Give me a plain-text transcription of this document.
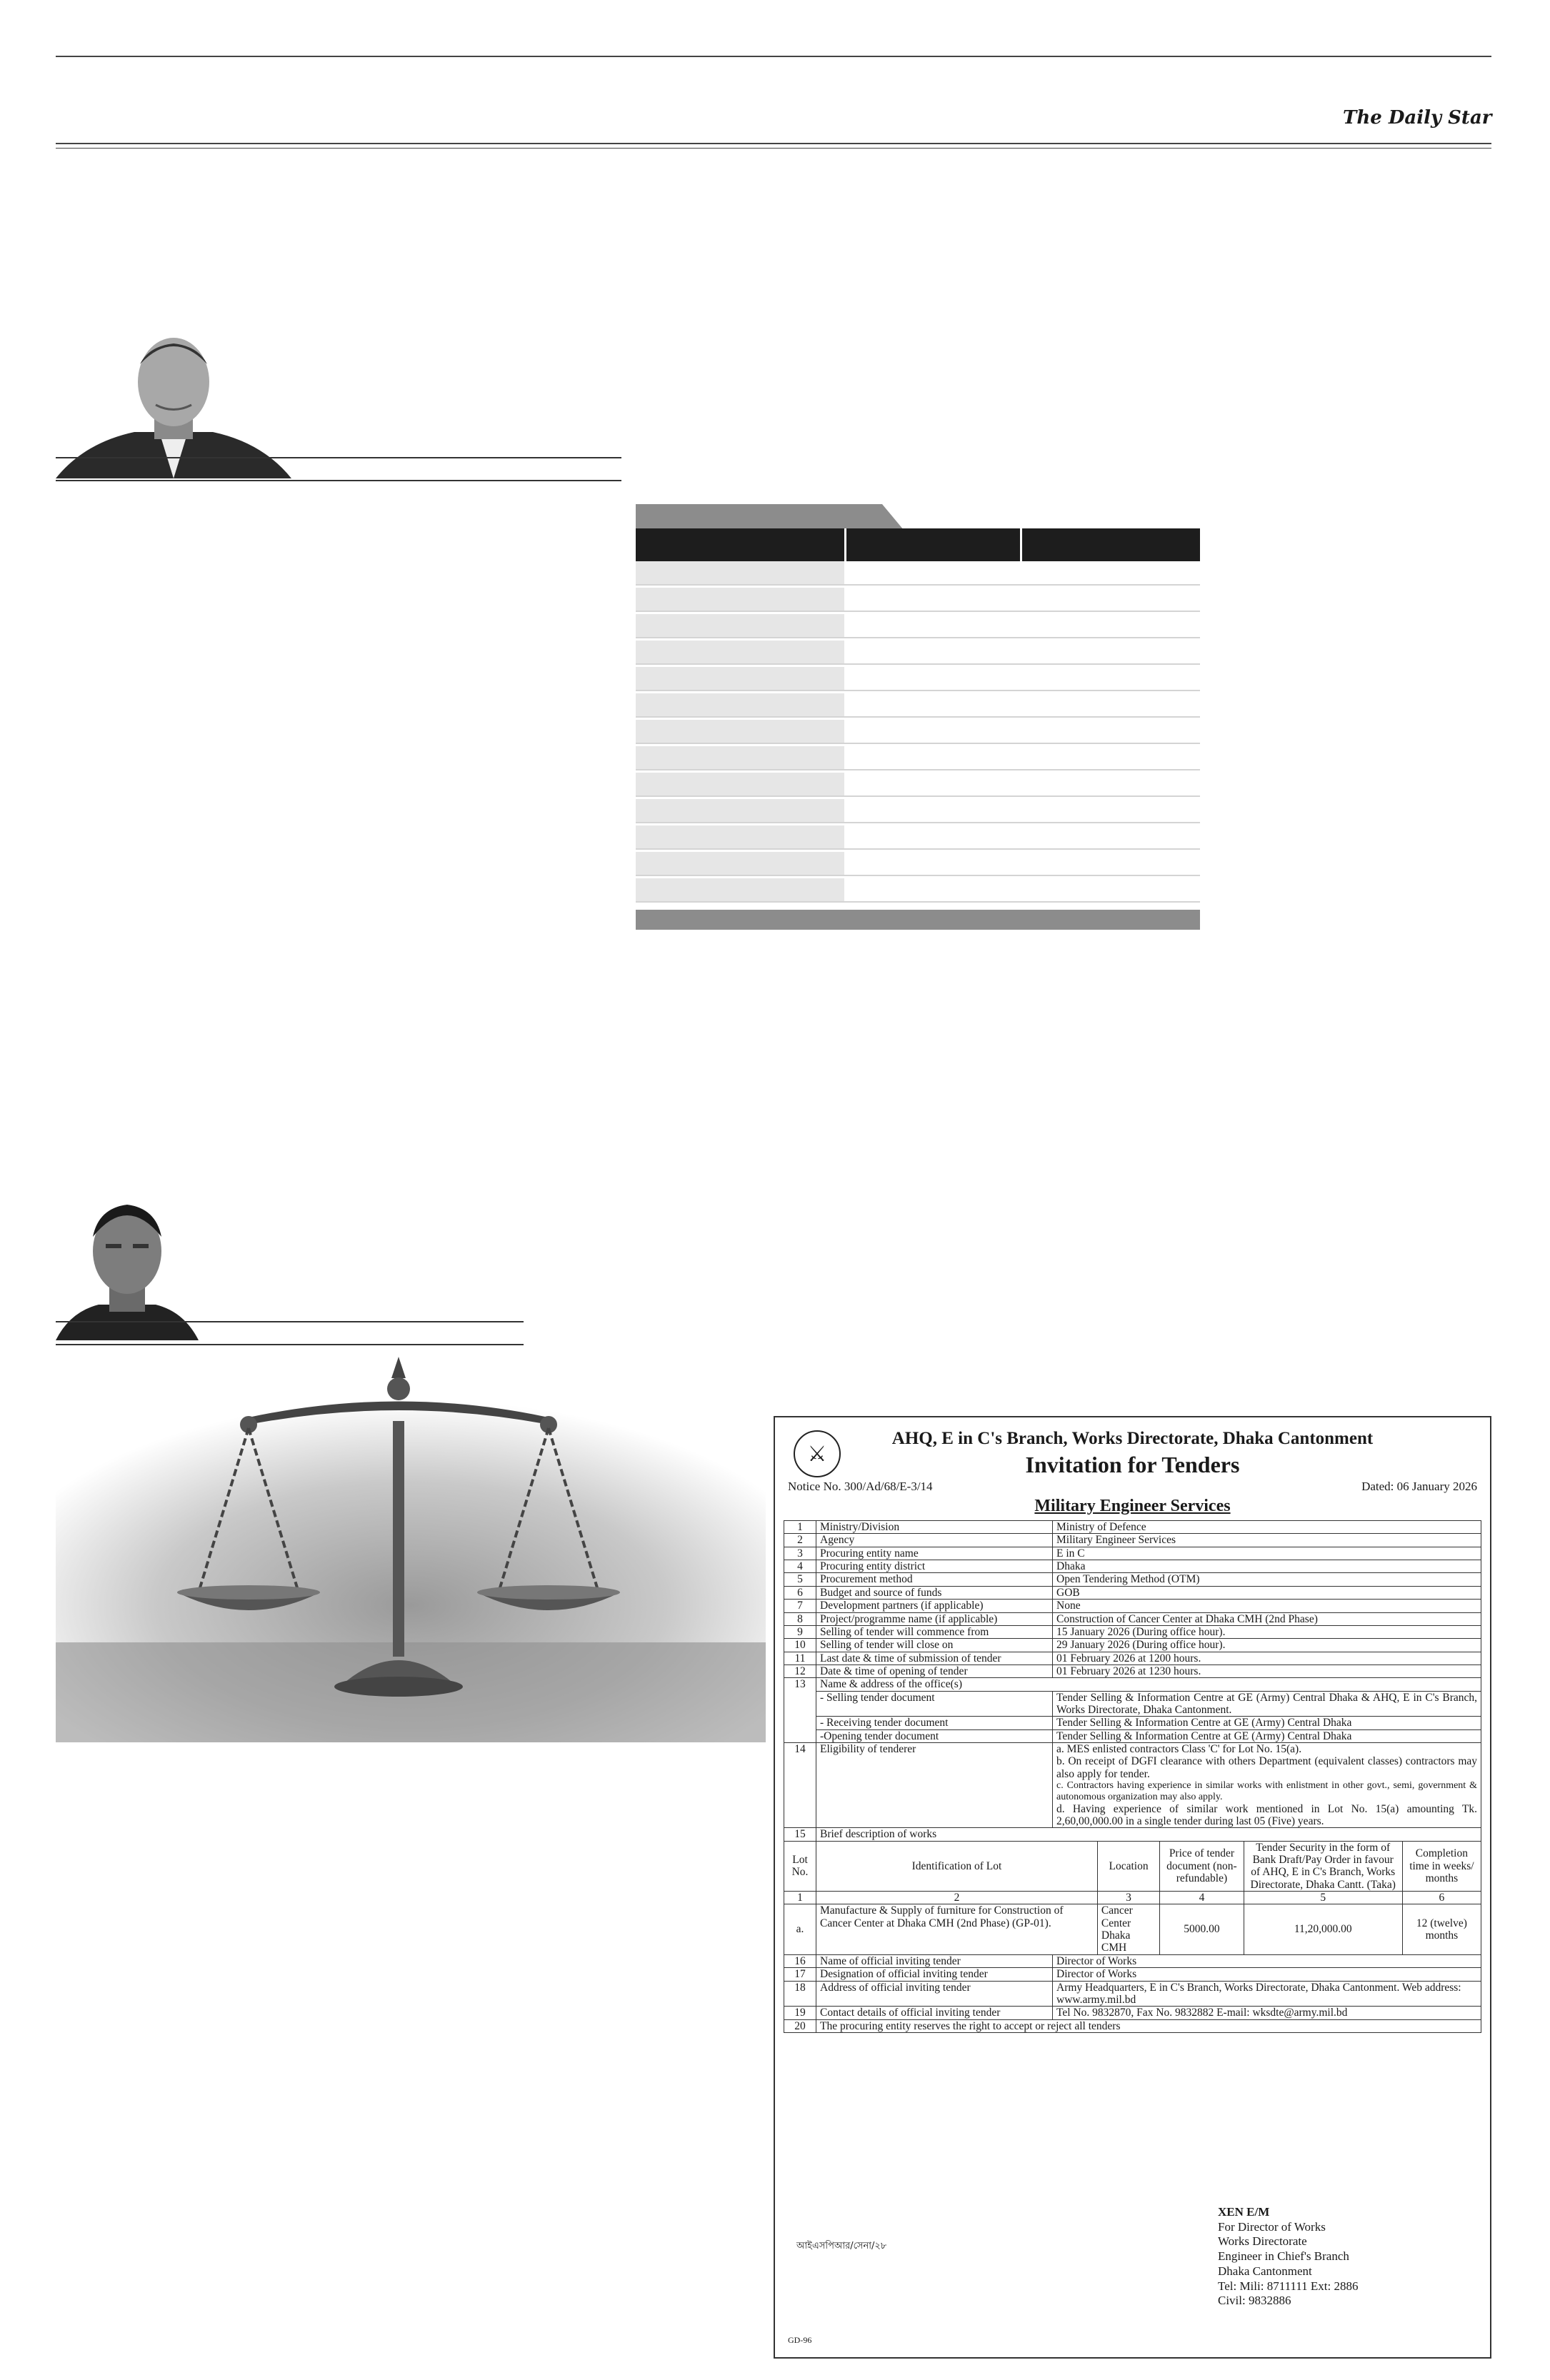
The Daily Star
⚔
AHQ, E in C's Branch, Works Directorate, Dhaka Cantonment
Invitation for Tenders
Notice No. 300/Ad/68/E-3/14	Dated: 06 January 2026
Military Engineer Services
1	Ministry/Division	Ministry of Defence				
2	Agency	Military Engineer Services				
3	Procuring entity name	E in C				
4	Procuring entity district	Dhaka				
5	Procurement method	Open Tendering Method (OTM)				
6	Budget and source of funds	GOB				
7	Development partners (if applicable)	None				
8	Project/programme name (if applicable)	Construction of Cancer Center at Dhaka CMH (2nd Phase)				
9	Selling of tender will commence from	15 January 2026 (During office hour).				
10	Selling of tender will close on	29 January 2026 (During office hour).				
11	Last date & time of submission of tender	01 February 2026 at 1200 hours.				
12	Date & time of opening of tender	01 February 2026 at 1230 hours.				
13	Name & address of the office(s)					
	- Selling tender document	Tender Selling & Information Centre at GE (Army) Central Dhaka & AHQ, E in C's Branch, Works Directorate, Dhaka Cantonment.				
	- Receiving tender document	Tender Selling & Information Centre at GE (Army) Central Dhaka				
	-Opening tender document	Tender Selling & Information Centre at GE (Army) Central Dhaka				
14	Eligibility of tenderer	a. MES enlisted contractors Class 'C' for Lot No. 15(a).
b. On receipt of DGFI clearance with others Department (equivalent classes) contractors may also apply for tender.
c. Contractors having experience in similar works with enlistment in other govt., semi, government & autonomous organization may also apply.
d. Having experience of similar work mentioned in Lot No. 15(a) amounting Tk. 2,60,00,000.00 in a single tender during last 05 (Five) years.				

15	Brief description of works					
Lot No.	Identification of Lot		Location	Price of tender document (non-refundable)	Tender Security in the form of Bank Draft/Pay Order in favour of AHQ, E in C's Branch, Works Directorate, Dhaka Cantt. (Taka)	Completion time in weeks/ months
1	2		3	4	5	6
a.	Manufacture & Supply of furniture for Construction of Cancer Center at Dhaka CMH (2nd Phase) (GP-01).		Cancer Center Dhaka CMH	5000.00	11,20,000.00	12 (twelve) months
16	Name of official inviting tender	Director of Works				
17	Designation of official inviting tender	Director of Works				
18	Address of official inviting tender	Army Headquarters, E in C's Branch, Works Directorate, Dhaka Cantonment. Web address: www.army.mil.bd				
19	Contact details of official inviting tender	Tel No. 9832870, Fax No. 9832882 E-mail: wksdte@army.mil.bd				
20	The procuring entity reserves the right to accept or reject all tenders					
XEN E/M
For Director of Works
Works Directorate
Engineer in Chief's Branch
Dhaka Cantonment
Tel: Mili: 8711111 Ext: 2886
Civil: 9832886
আইএসপিআর/সেনা/২৮
GD-96
